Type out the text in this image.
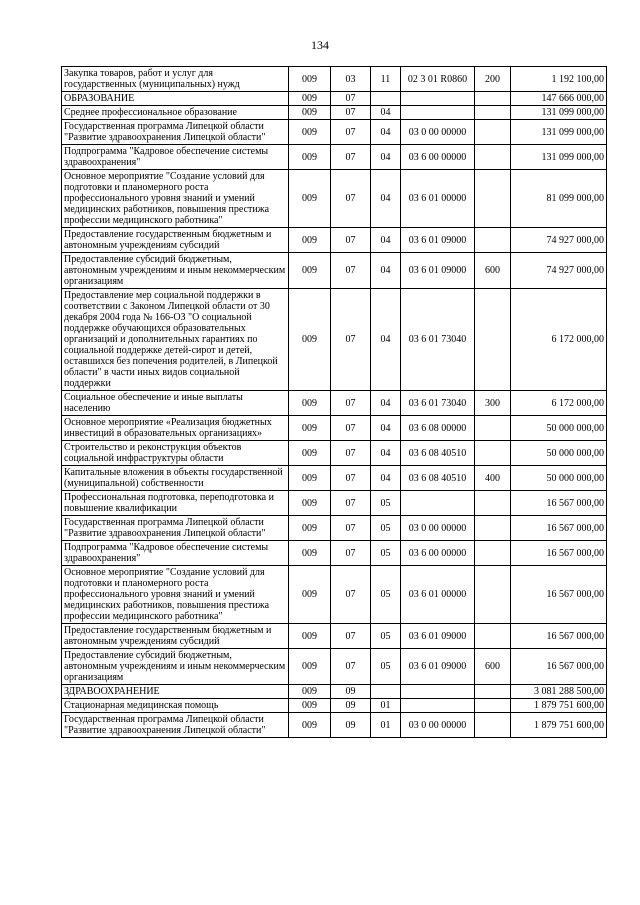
134
Закупка товаров, работ и услуг для государственных (муниципальных) нужд	009	03	11	02 3 01 R0860	200	1 192 100,00
ОБРАЗОВАНИЕ	009	07				147 666 000,00
Среднее профессиональное образование	009	07	04			131 099 000,00
Государственная программа Липецкой области "Развитие здравоохранения Липецкой области"	009	07	04	03 0 00 00000		131 099 000,00
Подпрограмма "Кадровое обеспечение системы здравоохранения"	009	07	04	03 6 00 00000		131 099 000,00
Основное мероприятие "Создание условий для подготовки и планомерного роста профессионального уровня знаний и умений медицинских работников, повышения престижа профессии медицинского работника"	009	07	04	03 6 01 00000		81 099 000,00
Предоставление государственным бюджетным и автономным учреждениям субсидий	009	07	04	03 6 01 09000		74 927 000,00
Предоставление субсидий бюджетным, автономным учреждениям и иным некоммерческим организациям	009	07	04	03 6 01 09000	600	74 927 000,00
Предоставление мер социальной поддержки в соответствии с Законом Липецкой области от 30 декабря 2004 года № 166-ОЗ "О социальной поддержке обучающихся образовательных организаций и дополнительных гарантиях по социальной поддержке детей-сирот и детей, оставшихся без попечения родителей, в Липецкой области" в части иных видов социальной поддержки	009	07	04	03 6 01 73040		6 172 000,00
Социальное обеспечение и иные выплаты населению	009	07	04	03 6 01 73040	300	6 172 000,00
Основное мероприятие «Реализация бюджетных инвестиций в образовательных организациях»	009	07	04	03 6 08 00000		50 000 000,00
Строительство и реконструкция объектов социальной инфраструктуры области	009	07	04	03 6 08 40510		50 000 000,00
Капитальные вложения в объекты государственной (муниципальной) собственности	009	07	04	03 6 08 40510	400	50 000 000,00
Профессиональная подготовка, переподготовка и повышение квалификации	009	07	05			16 567 000,00
Государственная программа Липецкой области "Развитие здравоохранения Липецкой области"	009	07	05	03 0 00 00000		16 567 000,00
Подпрограмма "Кадровое обеспечение системы здравоохранения"	009	07	05	03 6 00 00000		16 567 000,00
Основное мероприятие "Создание условий для подготовки и планомерного роста профессионального уровня знаний и умений медицинских работников, повышения престижа профессии медицинского работника"	009	07	05	03 6 01 00000		16 567 000,00
Предоставление государственным бюджетным и автономным учреждениям субсидий	009	07	05	03 6 01 09000		16 567 000,00
Предоставление субсидий бюджетным, автономным учреждениям и иным некоммерческим организациям	009	07	05	03 6 01 09000	600	16 567 000,00
ЗДРАВООХРАНЕНИЕ	009	09				3 081 288 500,00
Стационарная медицинская помощь	009	09	01			1 879 751 600,00
Государственная программа Липецкой области "Развитие здравоохранения Липецкой области"	009	09	01	03 0 00 00000		1 879 751 600,00
